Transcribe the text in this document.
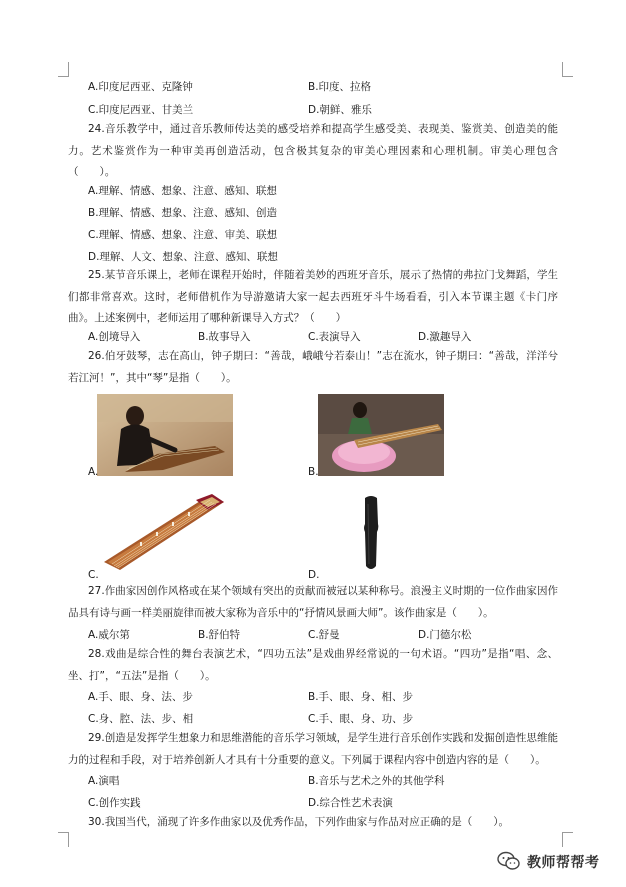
A.印度尼西亚、克隆钟	B.印度、拉格
C.印度尼西亚、甘美兰	D.朝鲜、雅乐
24.音乐教学中，通过音乐教师传达美的感受培养和提高学生感受美、表现美、鉴赏美、创造美的能力。艺术鉴赏作为一种审美再创造活动，包含极其复杂的审美心理因素和心理机制。审美心理包含（　　）。
A.理解、情感、想象、注意、感知、联想
B.理解、情感、想象、注意、感知、创造
C.理解、情感、想象、注意、审美、联想
D.理解、人文、想象、注意、感知、联想
25.某节音乐课上，老师在课程开始时，伴随着美妙的西班牙音乐，展示了热情的弗拉门戈舞蹈，学生们都非常喜欢。这时，老师借机作为导游邀请大家一起去西班牙斗牛场看看，引入本节课主题《卡门序曲》。上述案例中，老师运用了哪种新课导入方式？（　　）
A.创境导入	B.故事导入	C.表演导入	D.激趣导入
26.伯牙鼓琴，志在高山，钟子期曰：“善哉，峨峨兮若泰山！”志在流水，钟子期曰：“善哉，洋洋兮若江河！”，其中“琴”是指（　　）。
A.	B.
C.	D.
27.作曲家因创作风格或在某个领域有突出的贡献而被冠以某种称号。浪漫主义时期的一位作曲家因作品具有诗与画一样美丽旋律而被大家称为音乐中的“抒情风景画大师”。该作曲家是（　　）。
A.威尔第	B.舒伯特	C.舒曼	D.门德尔松
28.戏曲是综合性的舞台表演艺术，“四功五法”是戏曲界经常说的一句术语。“四功”是指“唱、念、坐、打”，“五法”是指（　　）。
A.手、眼、身、法、步	B.手、眼、身、相、步
C.身、腔、法、步、相	C.手、眼、身、功、步
29.创造是发挥学生想象力和思维潜能的音乐学习领域，是学生进行音乐创作实践和发掘创造性思维能力的过程和手段，对于培养创新人才具有十分重要的意义。下列属于课程内容中创造内容的是（　　）。
A.演唱	B.音乐与艺术之外的其他学科
C.创作实践	D.综合性艺术表演
30.我国当代，涌现了许多作曲家以及优秀作品，下列作曲家与作品对应正确的是（　　）。
教师帮帮考
